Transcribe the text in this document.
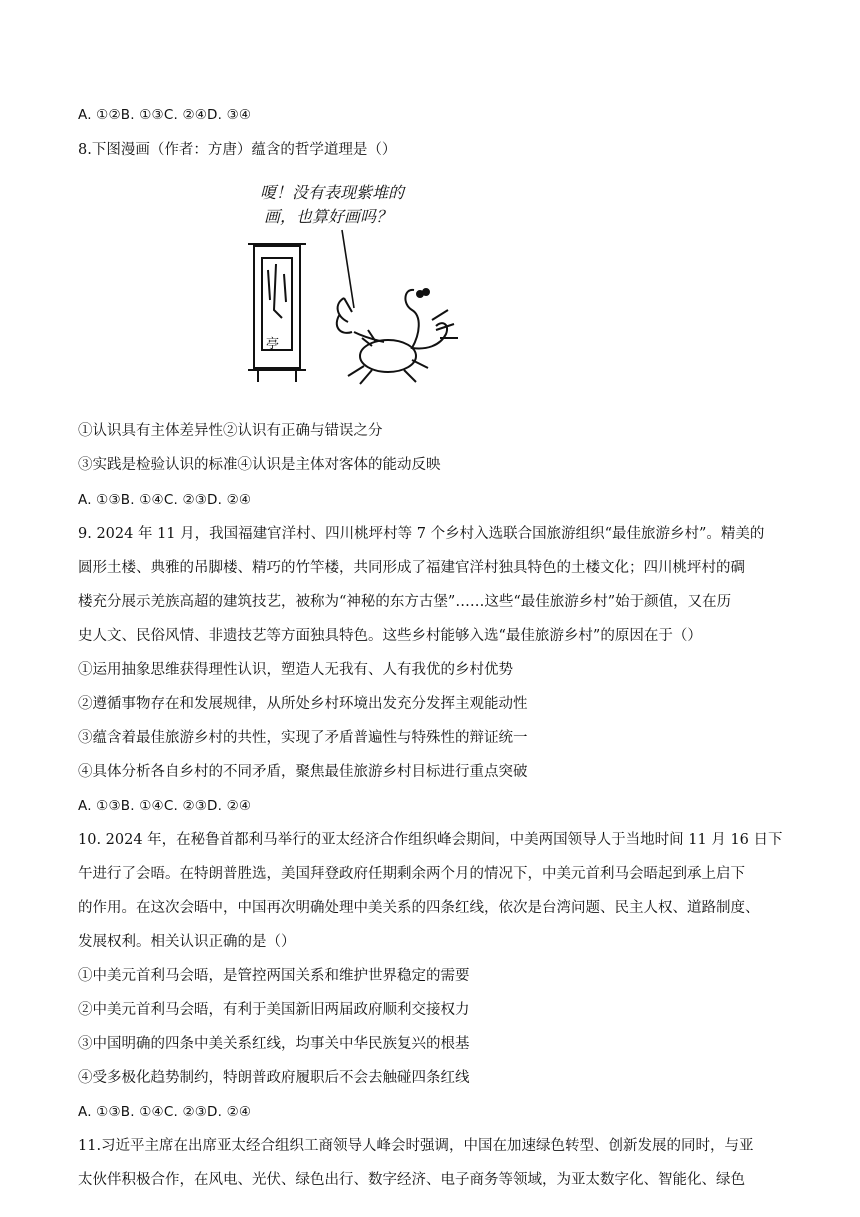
A. ①②B. ①③C. ②④D. ③④
8.下图漫画（作者：方唐）蕴含的哲学道理是（）
嗄！没有表现紫堆的
画，也算好画吗？
亭
①认识具有主体差异性②认识有正确与错误之分
③实践是检验认识的标准④认识是主体对客体的能动反映
A. ①③B. ①④C. ②③D. ②④
9. 2024 年 11 月，我国福建官洋村、四川桃坪村等 7 个乡村入选联合国旅游组织“最佳旅游乡村”。精美的
圆形土楼、典雅的吊脚楼、精巧的竹竿楼，共同形成了福建官洋村独具特色的土楼文化；四川桃坪村的碉
楼充分展示羌族高超的建筑技艺，被称为“神秘的东方古堡”……这些“最佳旅游乡村”始于颜值，又在历
史人文、民俗风情、非遗技艺等方面独具特色。这些乡村能够入选“最佳旅游乡村”的原因在于（）
①运用抽象思维获得理性认识，塑造人无我有、人有我优的乡村优势
②遵循事物存在和发展规律，从所处乡村环境出发充分发挥主观能动性
③蕴含着最佳旅游乡村的共性，实现了矛盾普遍性与特殊性的辩证统一
④具体分析各自乡村的不同矛盾，聚焦最佳旅游乡村目标进行重点突破
A. ①③B. ①④C. ②③D. ②④
10. 2024 年，在秘鲁首都利马举行的亚太经济合作组织峰会期间，中美两国领导人于当地时间 11 月 16 日下
午进行了会晤。在特朗普胜选，美国拜登政府任期剩余两个月的情况下，中美元首利马会晤起到承上启下
的作用。在这次会晤中，中国再次明确处理中美关系的四条红线，依次是台湾问题、民主人权、道路制度、
发展权利。相关认识正确的是（）
①中美元首利马会晤，是管控两国关系和维护世界稳定的需要
②中美元首利马会晤，有利于美国新旧两届政府顺利交接权力
③中国明确的四条中美关系红线，均事关中华民族复兴的根基
④受多极化趋势制约，特朗普政府履职后不会去触碰四条红线
A. ①③B. ①④C. ②③D. ②④
11.习近平主席在出席亚太经合组织工商领导人峰会时强调，中国在加速绿色转型、创新发展的同时，与亚
太伙伴积极合作，在风电、光伏、绿色出行、数字经济、电子商务等领域，为亚太数字化、智能化、绿色
